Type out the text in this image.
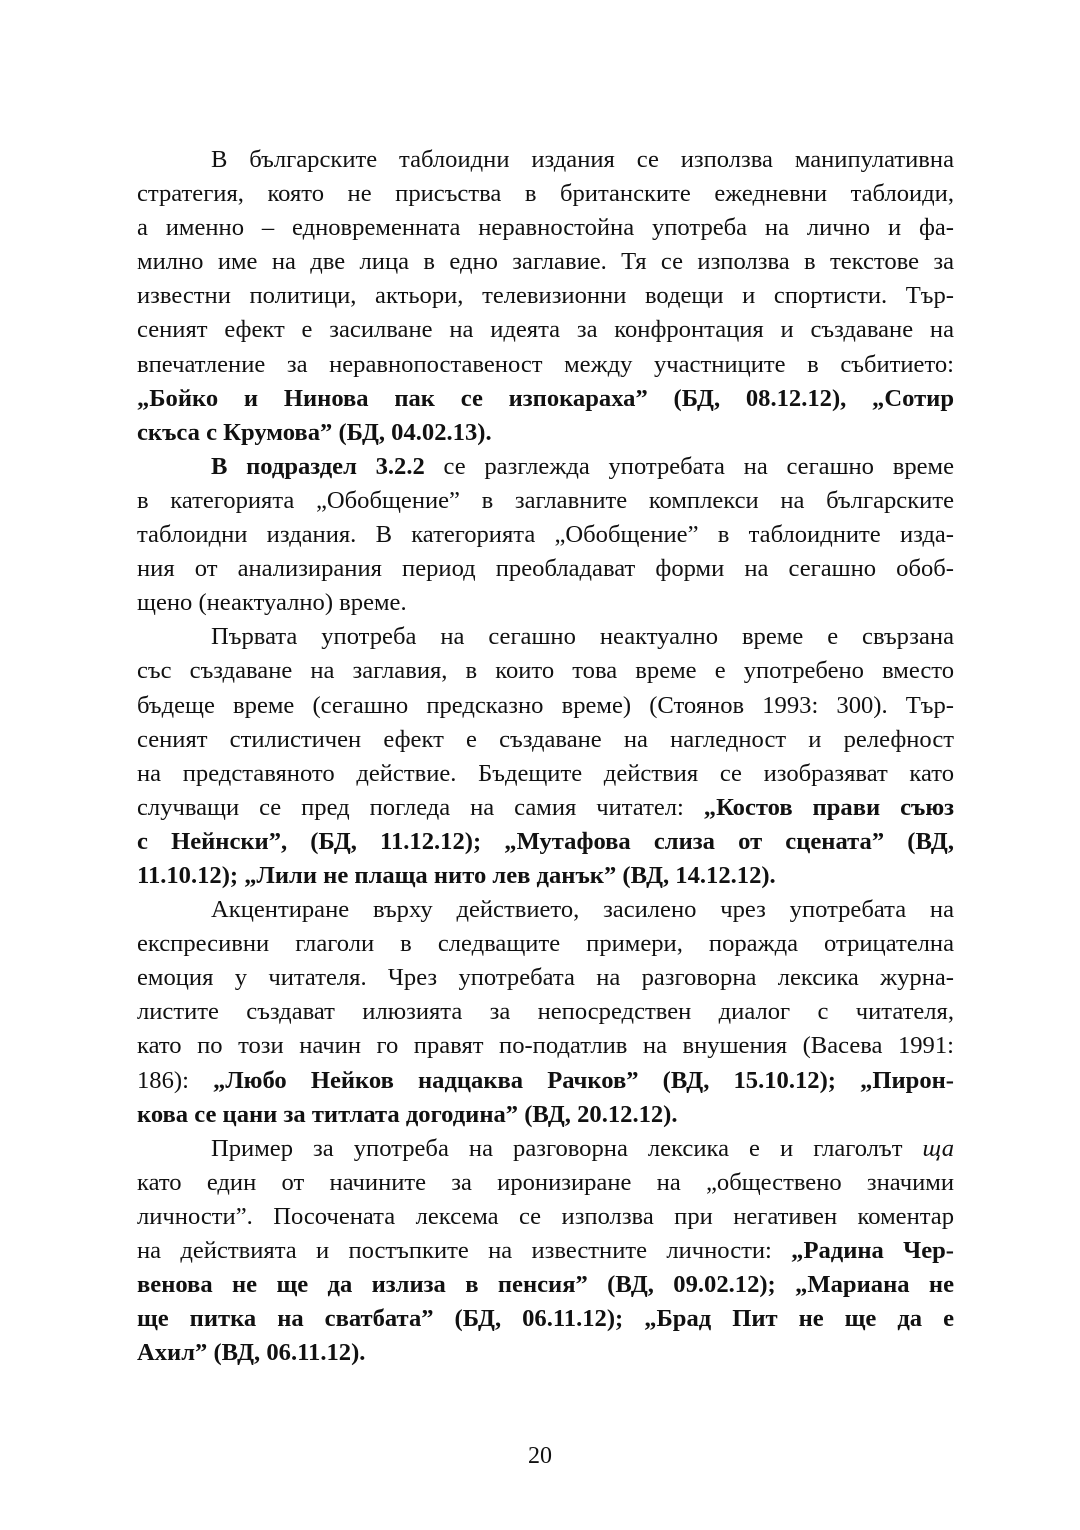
В българските таблоидни издания се използва манипулативна
стратегия, която не присъства в британските ежедневни таблоиди,
а именно – едновременната неравностойна употреба на лично и фа-
милно име на две лица в едно заглавие. Тя се използва в текстове за
известни политици, актьори, телевизионни водещи и спортисти. Тър-
сеният ефект е засилване на идеята за конфронтация и създаване на
впечатление за неравнопоставеност между участниците в събитието:
„Бойко и Нинова пак се изпокараха” (БД, 08.12.12), „Сотир
скъса с Крумова” (БД, 04.02.13).
В подраздел 3.2.2 се разглежда употребата на сегашно време
в категорията „Обобщение” в заглавните комплекси на българските
таблоидни издания. В категорията „Обобщение” в таблоидните изда-
ния от анализирания период преобладават форми на сегашно обоб-
щено (неактуално) време.
Първата употреба на сегашно неактуално време е свързана
със създаване на заглавия, в които това време е употребено вместо
бъдеще време (сегашно предсказно време) (Стоянов 1993: 300). Тър-
сеният стилистичен ефект е създаване на нагледност и релефност
на представяното действие. Бъдещите действия се изобразяват като
случващи се пред погледа на самия читател: „Костов прави съюз
с Нейнски”, (БД, 11.12.12); „Мутафова слиза от сцената” (ВД,
11.10.12); „Лили не плаща нито лев данък” (ВД, 14.12.12).
Акцентиране върху действието, засилено чрез употребата на
експресивни глаголи в следващите примери, поражда отрицателна
емоция у читателя. Чрез употребата на разговорна лексика журна-
листите създават илюзията за непосредствен диалог с читателя,
като по този начин го правят по-податлив на внушения (Васева 1991:
186): „Любо Нейков надцаква Рачков” (ВД, 15.10.12); „Пирон-
кова се цани за титлата догодина” (ВД, 20.12.12).
Пример за употреба на разговорна лексика е и глаголът ща
като един от начините за иронизиране на „обществено значими
личности”. Посочената лексема се използва при негативен коментар
на действията и постъпките на известните личности: „Радина Чер-
венова не ще да излиза в пенсия” (ВД, 09.02.12); „Мариана не
ще питка на сватбата” (БД, 06.11.12); „Брад Пит не ще да е
Ахил” (ВД, 06.11.12).
20
